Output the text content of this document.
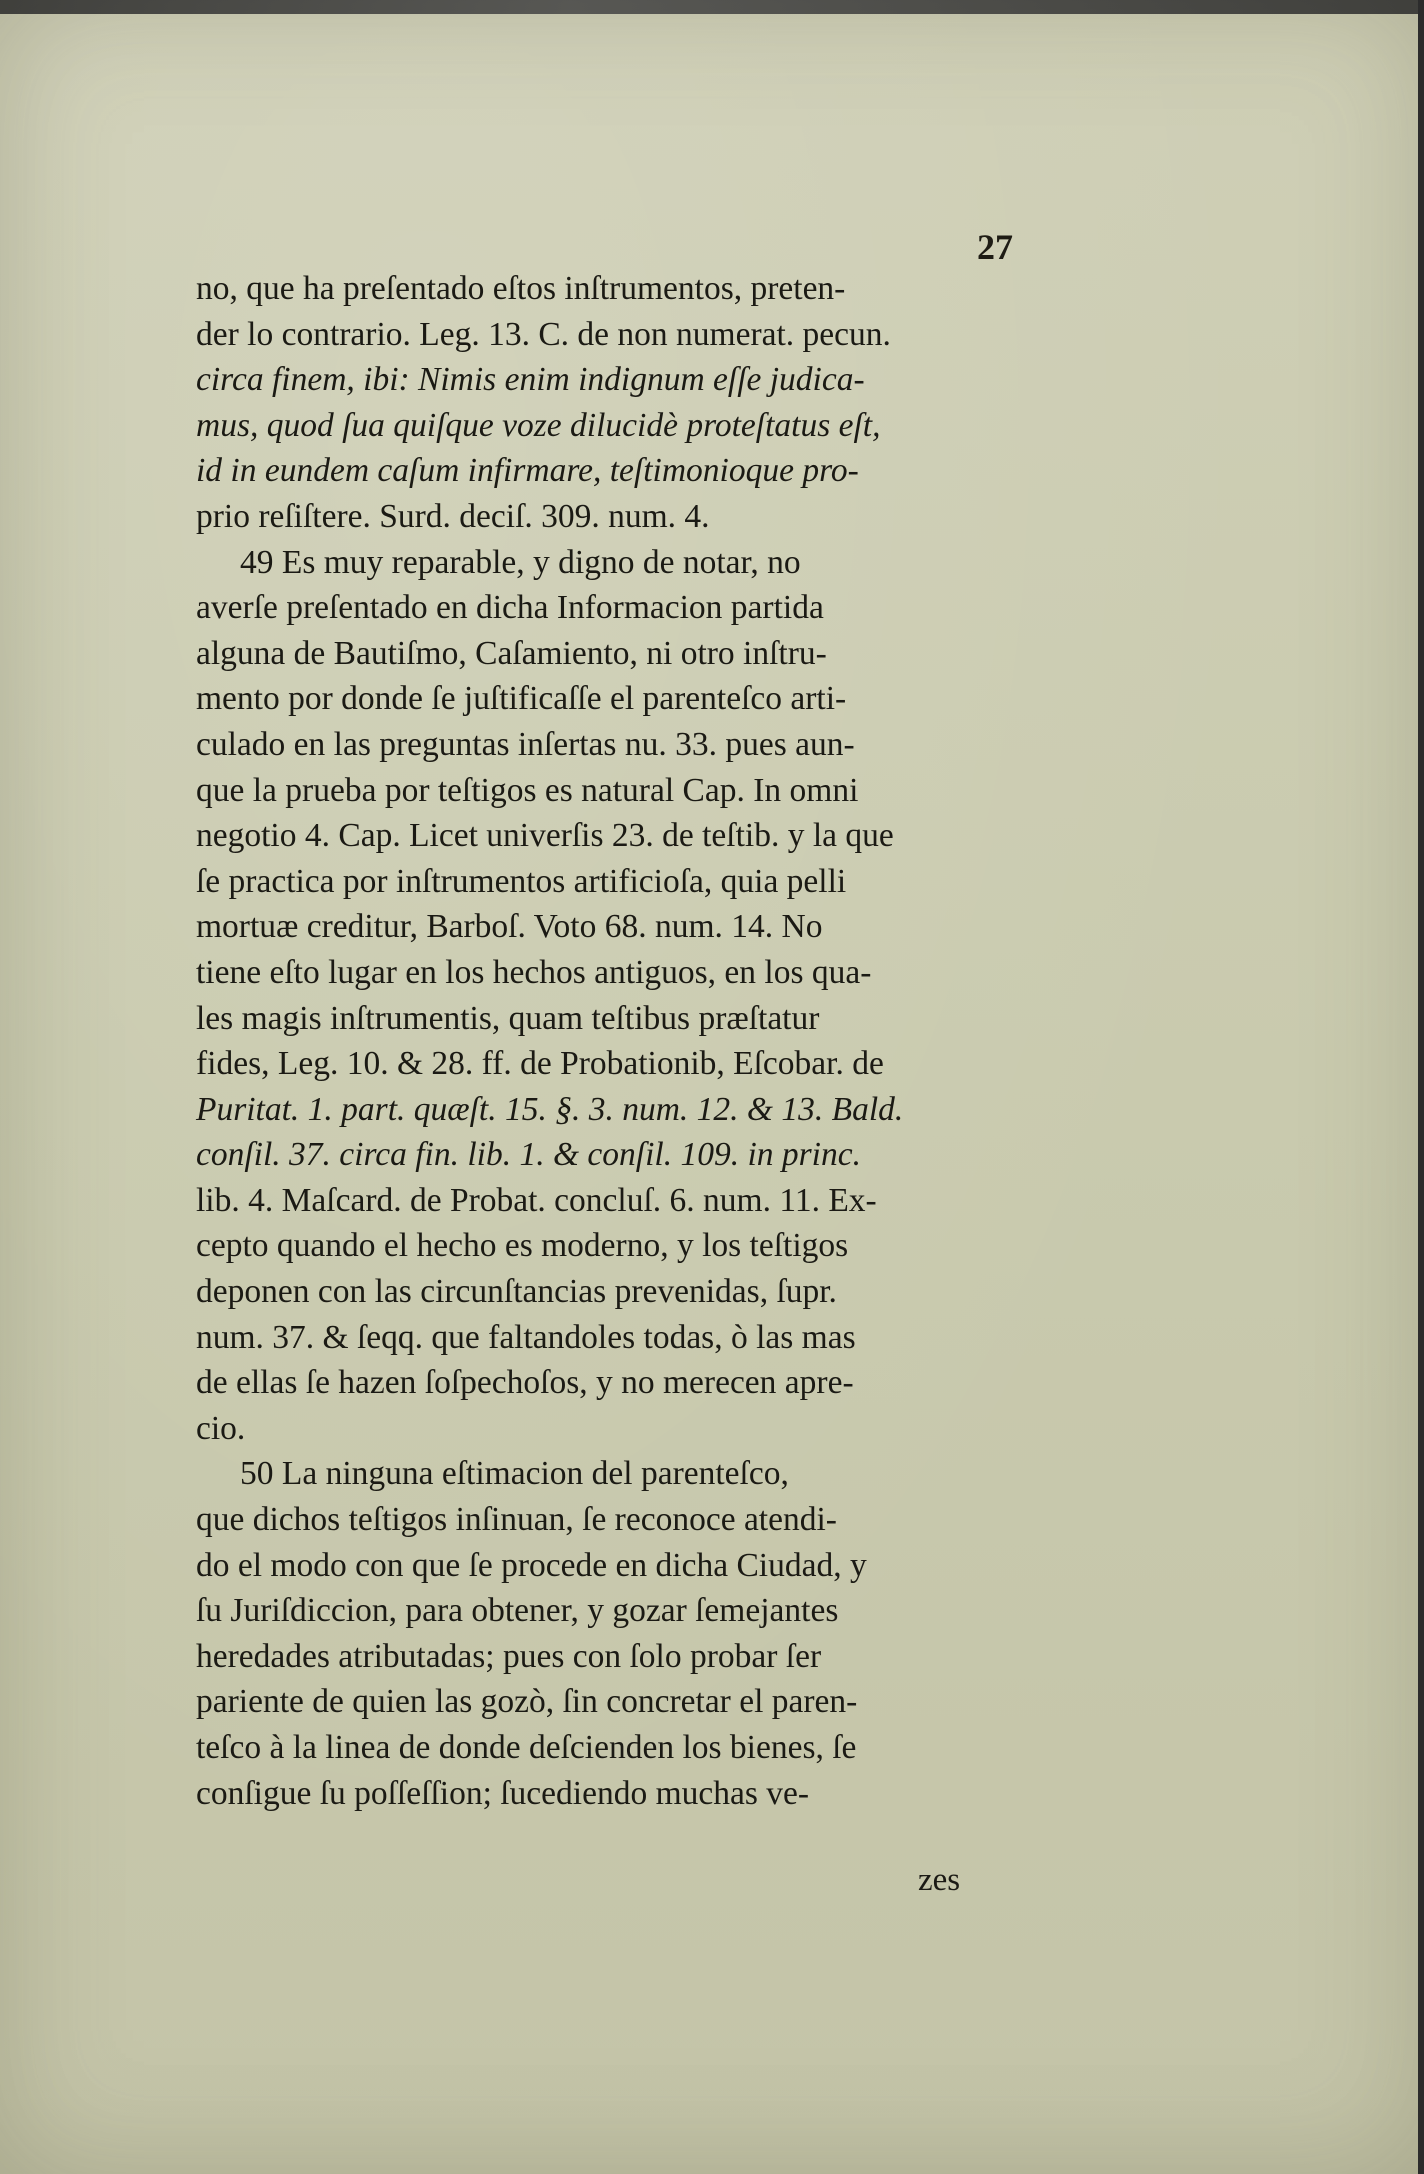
27
no, que ha preſentado eſtos inſtrumentos, preten-
der lo contrario. Leg. 13. C. de non numerat. pecun.
circa finem, ibi: Nimis enim indignum eſſe judica-
mus, quod ſua quiſque voze dilucidè proteſtatus eſt,
id in eundem caſum infirmare, teſtimonioque pro-
prio reſiſtere. Surd. deciſ. 309. num. 4.
49 Es muy reparable, y digno de notar, no
averſe preſentado en dicha Informacion partida
alguna de Bautiſmo, Caſamiento, ni otro inſtru-
mento por donde ſe juſtificaſſe el parenteſco arti-
culado en las preguntas inſertas nu. 33. pues aun-
que la prueba por teſtigos es natural Cap. In omni
negotio 4. Cap. Licet univerſis 23. de teſtib. y la que
ſe practica por inſtrumentos artificioſa, quia pelli
mortuæ creditur, Barboſ. Voto 68. num. 14. No
tiene eſto lugar en los hechos antiguos, en los qua-
les magis inſtrumentis, quam teſtibus præſtatur
fides, Leg. 10. & 28. ff. de Probationib, Eſcobar. de
Puritat. 1. part. quæſt. 15. §. 3. num. 12. & 13. Bald.
conſil. 37. circa fin. lib. 1. & conſil. 109. in princ.
lib. 4. Maſcard. de Probat. concluſ. 6. num. 11. Ex-
cepto quando el hecho es moderno, y los teſtigos
deponen con las circunſtancias prevenidas, ſupr.
num. 37. & ſeqq. que faltandoles todas, ò las mas
de ellas ſe hazen ſoſpechoſos, y no merecen apre-
cio.
50 La ninguna eſtimacion del parenteſco,
que dichos teſtigos inſinuan, ſe reconoce atendi-
do el modo con que ſe procede en dicha Ciudad, y
ſu Juriſdiccion, para obtener, y gozar ſemejantes
heredades atributadas; pues con ſolo probar ſer
pariente de quien las gozò, ſin concretar el paren-
teſco à la linea de donde deſcienden los bienes, ſe
conſigue ſu poſſeſſion; ſucediendo muchas ve-
zes
